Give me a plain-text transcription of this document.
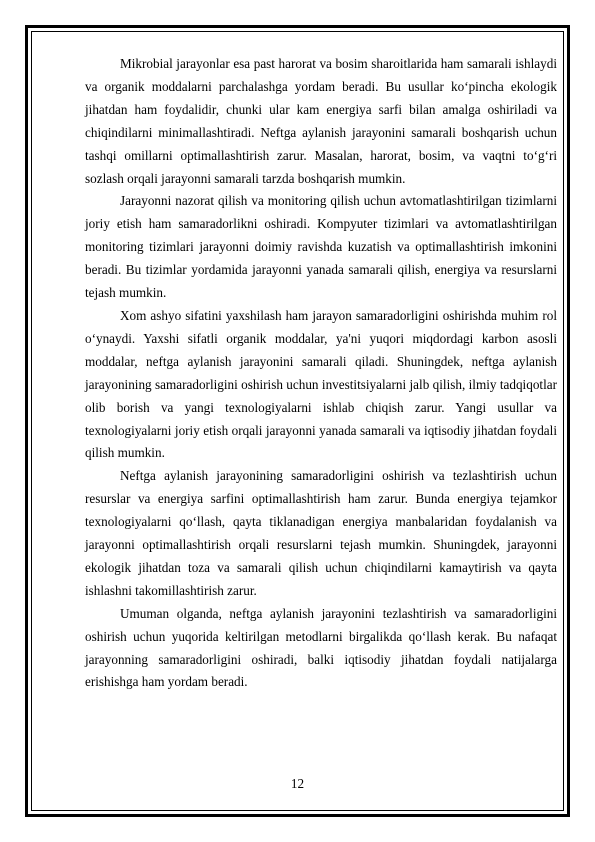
Mikrobial jarayonlar esa past harorat va bosim sharoitlarida ham samarali ishlaydi va organik moddalarni parchalashga yordam beradi. Bu usullar ko‘pincha ekologik jihatdan ham foydalidir, chunki ular kam energiya sarfi bilan amalga oshiriladi va chiqindilarni minimallashtiradi. Neftga aylanish jarayonini samarali boshqarish uchun tashqi omillarni optimallashtirish zarur. Masalan, harorat, bosim, va vaqtni to‘g‘ri sozlash orqali jarayonni samarali tarzda boshqarish mumkin.

Jarayonni nazorat qilish va monitoring qilish uchun avtomatlashtirilgan tizimlarni joriy etish ham samaradorlikni oshiradi. Kompyuter tizimlari va avtomatlashtirilgan monitoring tizimlari jarayonni doimiy ravishda kuzatish va optimallashtirish imkonini beradi. Bu tizimlar yordamida jarayonni yanada samarali qilish, energiya va resurslarni tejash mumkin.

Xom ashyo sifatini yaxshilash ham jarayon samaradorligini oshirishda muhim rol o‘ynaydi. Yaxshi sifatli organik moddalar, ya'ni yuqori miqdordagi karbon asosli moddalar, neftga aylanish jarayonini samarali qiladi. Shuningdek, neftga aylanish jarayonining samaradorligini oshirish uchun investitsiyalarni jalb qilish, ilmiy tadqiqotlar olib borish va yangi texnologiyalarni ishlab chiqish zarur. Yangi usullar va texnologiyalarni joriy etish orqali jarayonni yanada samarali va iqtisodiy jihatdan foydali qilish mumkin.

Neftga aylanish jarayonining samaradorligini oshirish va tezlashtirish uchun resurslar va energiya sarfini optimallashtirish ham zarur. Bunda energiya tejamkor texnologiyalarni qo‘llash, qayta tiklanadigan energiya manbalaridan foydalanish va jarayonni optimallashtirish orqali resurslarni tejash mumkin. Shuningdek, jarayonni ekologik jihatdan toza va samarali qilish uchun chiqindilarni kamaytirish va qayta ishlashni takomillashtirish zarur.

Umuman olganda, neftga aylanish jarayonini tezlashtirish va samaradorligini oshirish uchun yuqorida keltirilgan metodlarni birgalikda qo‘llash kerak. Bu nafaqat jarayonning samaradorligini oshiradi, balki iqtisodiy jihatdan foydali natijalarga erishishga ham yordam beradi.

12
